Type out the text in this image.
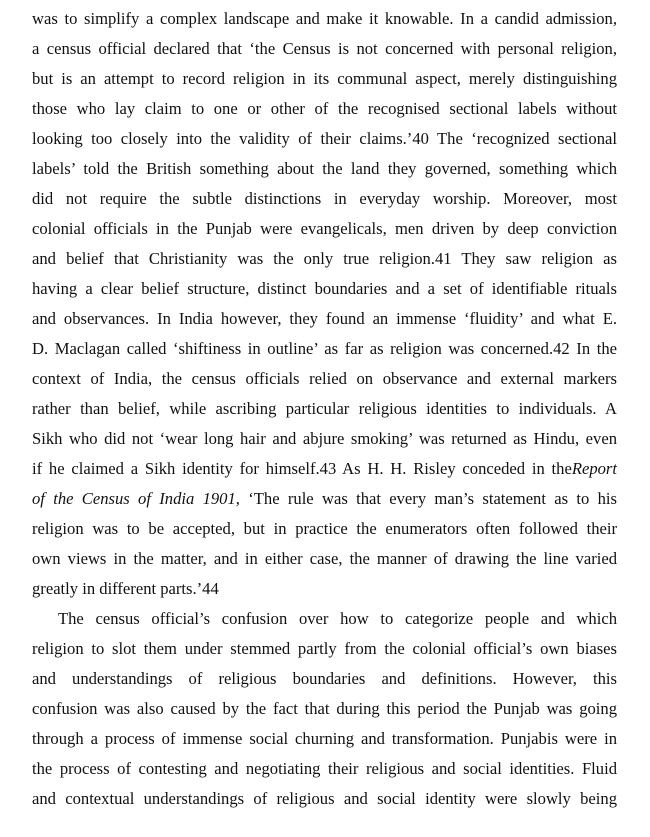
was to simplify a complex landscape and make it knowable. In a candid admission,
a census official declared that ‘the Census is not concerned with personal religion,
but is an attempt to record religion in its communal aspect, merely distinguishing
those who lay claim to one or other of the recognised sectional labels without
looking too closely into the validity of their claims.’40 The ‘recognized sectional
labels’ told the British something about the land they governed, something which
did not require the subtle distinctions in everyday worship. Moreover, most
colonial officials in the Punjab were evangelicals, men driven by deep conviction
and belief that Christianity was the only true religion.41 They saw religion as
having a clear belief structure, distinct boundaries and a set of identifiable rituals
and observances. In India however, they found an immense ‘fluidity’ and what E.
D. Maclagan called ‘shiftiness in outline’ as far as religion was concerned.42 In the
context of India, the census officials relied on observance and external markers
rather than belief, while ascribing particular religious identities to individuals. A
Sikh who did not ‘wear long hair and abjure smoking’ was returned as Hindu, even
if he claimed a Sikh identity for himself.43 As H. H. Risley conceded in theReport
of the Census of India 1901, ‘The rule was that every man’s statement as to his
religion was to be accepted, but in practice the enumerators often followed their
own views in the matter, and in either case, the manner of drawing the line varied
greatly in different parts.’44
The census official’s confusion over how to categorize people and which
religion to slot them under stemmed partly from the colonial official’s own biases
and understandings of religious boundaries and definitions. However, this
confusion was also caused by the fact that during this period the Punjab was going
through a process of immense social churning and transformation. Punjabis were in
the process of contesting and negotiating their religious and social identities. Fluid
and contextual understandings of religious and social identity were slowly being
